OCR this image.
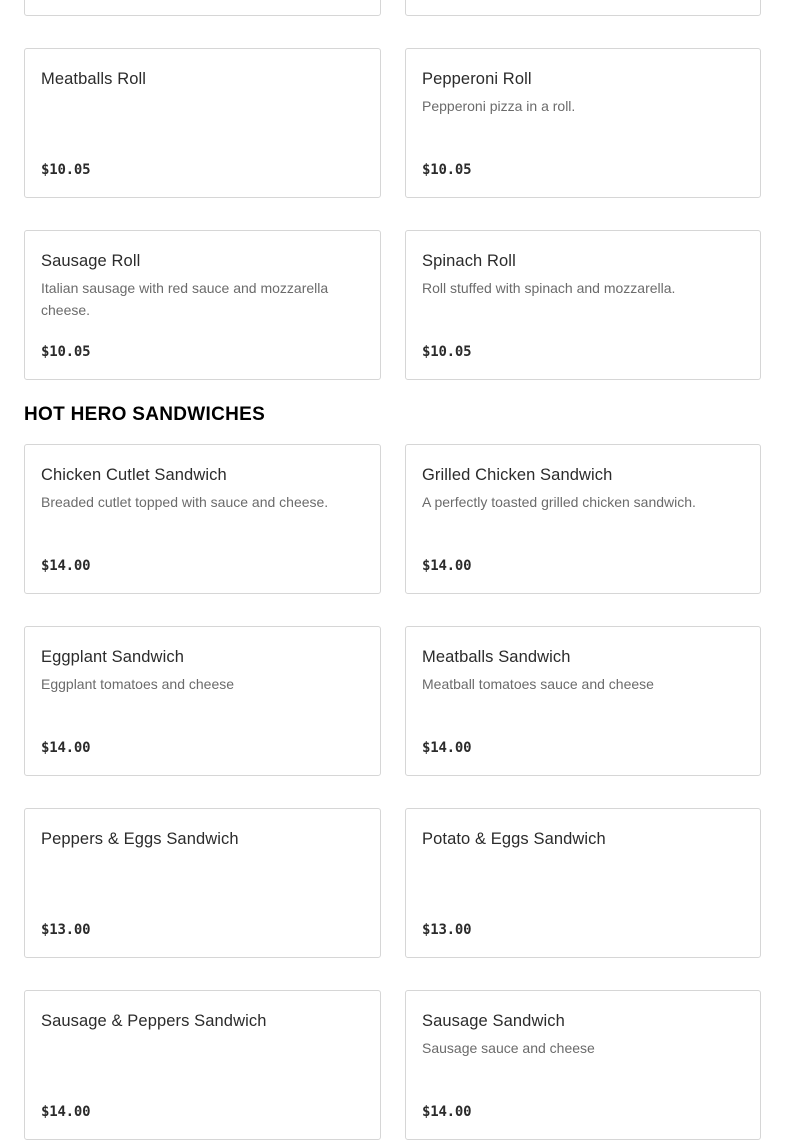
Meatballs Roll
$10.05
Pepperoni Roll
Pepperoni pizza in a roll.
$10.05
Sausage Roll
Italian sausage with red sauce and mozzarella cheese.
$10.05
Spinach Roll
Roll stuffed with spinach and mozzarella.
$10.05
HOT HERO SANDWICHES
Chicken Cutlet Sandwich
Breaded cutlet topped with sauce and cheese.
$14.00
Grilled Chicken Sandwich
A perfectly toasted grilled chicken sandwich.
$14.00
Eggplant Sandwich
Eggplant tomatoes and cheese
$14.00
Meatballs Sandwich
Meatball tomatoes sauce and cheese
$14.00
Peppers & Eggs Sandwich
$13.00
Potato & Eggs Sandwich
$13.00
Sausage & Peppers Sandwich
$14.00
Sausage Sandwich
Sausage sauce and cheese
$14.00
